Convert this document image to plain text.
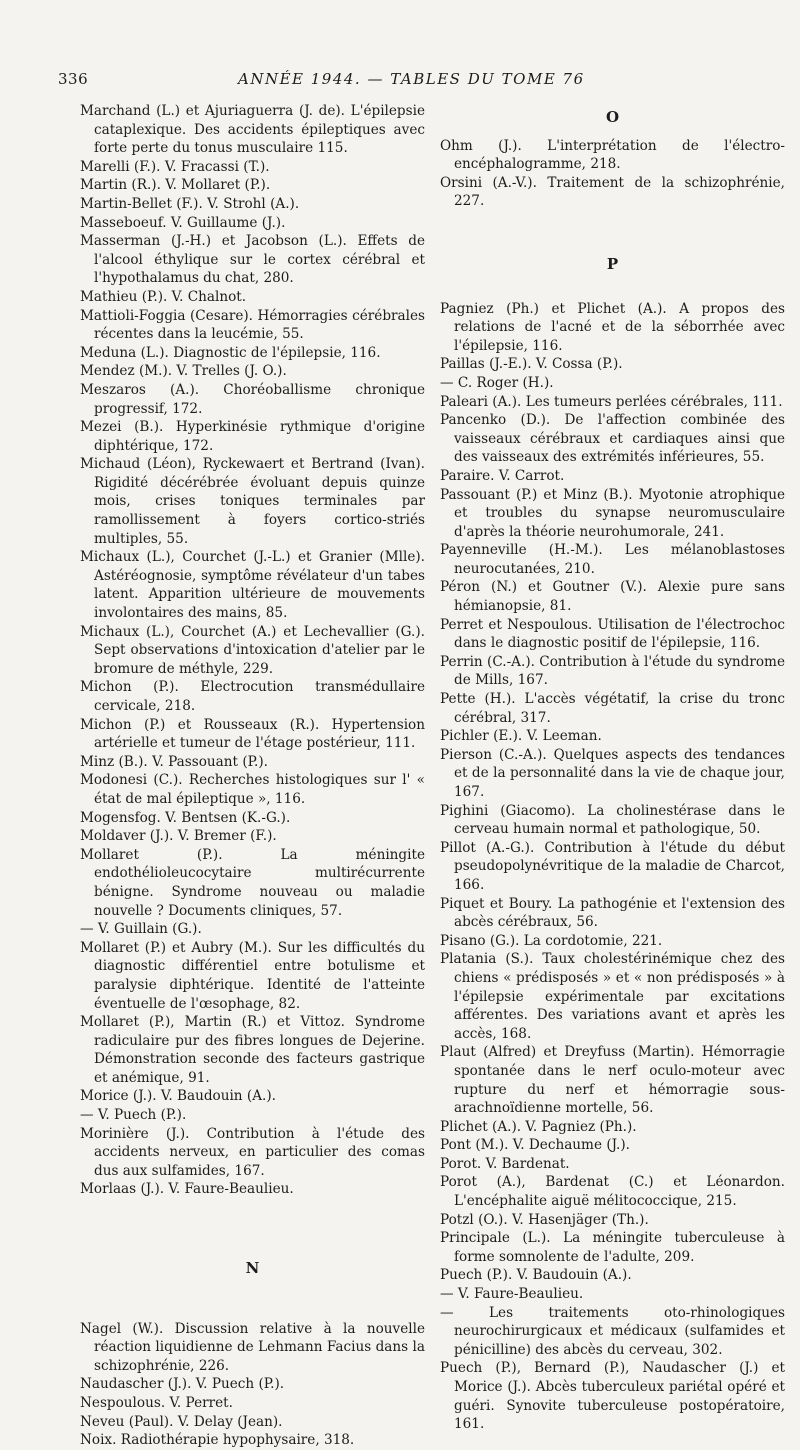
336	ANNÉE 1944. — TABLES DU TOME 76

Marchand (L.) et Ajuriaguerra (J. de). L'épilepsie cataplexique. Des accidents épileptiques avec forte perte du tonus musculaire 115.

Marelli (F.). V. Fracassi (T.).

Martin (R.). V. Mollaret (P.).

Martin-Bellet (F.). V. Strohl (A.).

Masseboeuf. V. Guillaume (J.).

Masserman (J.-H.) et Jacobson (L.). Effets de l'alcool éthylique sur le cortex cérébral et l'hypothalamus du chat, 280.

Mathieu (P.). V. Chalnot.

Mattioli-Foggia (Cesare). Hémorragies cérébrales récentes dans la leucémie, 55.

Meduna (L.). Diagnostic de l'épilepsie, 116.

Mendez (M.). V. Trelles (J. O.).

Meszaros (A.). Choréoballisme chronique progressif, 172.

Mezei (B.). Hyperkinésie rythmique d'origine diphtérique, 172.

Michaud (Léon), Ryckewaert et Bertrand (Ivan). Rigidité décérébrée évoluant depuis quinze mois, crises toniques terminales par ramollissement à foyers cortico-striés multiples, 55.

Michaux (L.), Courchet (J.-L.) et Granier (Mlle). Astéréognosie, symptôme révélateur d'un tabes latent. Apparition ultérieure de mouvements involontaires des mains, 85.

Michaux (L.), Courchet (A.) et Lechevallier (G.). Sept observations d'intoxication d'atelier par le bromure de méthyle, 229.

Michon (P.). Electrocution transmédullaire cervicale, 218.

Michon (P.) et Rousseaux (R.). Hypertension artérielle et tumeur de l'étage postérieur, 111.

Minz (B.). V. Passouant (P.).

Modonesi (C.). Recherches histologiques sur l' « état de mal épileptique », 116.

Mogensfog. V. Bentsen (K.-G.).

Moldaver (J.). V. Bremer (F.).

Mollaret (P.). La méningite endothélioleucocytaire multirécurrente bénigne. Syndrome nouveau ou maladie nouvelle ? Documents cliniques, 57.

— V. Guillain (G.).

Mollaret (P.) et Aubry (M.). Sur les difficultés du diagnostic différentiel entre botulisme et paralysie diphtérique. Identité de l'atteinte éventuelle de l'œsophage, 82.

Mollaret (P.), Martin (R.) et Vittoz. Syndrome radiculaire pur des fibres longues de Dejerine. Démonstration seconde des facteurs gastrique et anémique, 91.

Morice (J.). V. Baudouin (A.).

— V. Puech (P.).

Morinière (J.). Contribution à l'étude des accidents nerveux, en particulier des comas dus aux sulfamides, 167.

Morlaas (J.). V. Faure-Beaulieu.

N

Nagel (W.). Discussion relative à la nouvelle réaction liquidienne de Lehmann Facius dans la schizophrénie, 226.

Naudascher (J.). V. Puech (P.).

Nespoulous. V. Perret.

Neveu (Paul). V. Delay (Jean).

Noix. Radiothérapie hypophysaire, 318.

O

Ohm (J.). L'interprétation de l'électro-encéphalogramme, 218.

Orsini (A.-V.). Traitement de la schizophrénie, 227.

P

Pagniez (Ph.) et Plichet (A.). A propos des relations de l'acné et de la séborrhée avec l'épilepsie, 116.

Paillas (J.-E.). V. Cossa (P.).

— C. Roger (H.).

Paleari (A.). Les tumeurs perlées cérébrales, 111.

Pancenko (D.). De l'affection combinée des vaisseaux cérébraux et cardiaques ainsi que des vaisseaux des extrémités inférieures, 55.

Paraire. V. Carrot.

Passouant (P.) et Minz (B.). Myotonie atrophique et troubles du synapse neuromusculaire d'après la théorie neurohumorale, 241.

Payenneville (H.-M.). Les mélanoblastoses neurocutanées, 210.

Péron (N.) et Goutner (V.). Alexie pure sans hémianopsie, 81.

Perret et Nespoulous. Utilisation de l'électrochoc dans le diagnostic positif de l'épilepsie, 116.

Perrin (C.-A.). Contribution à l'étude du syndrome de Mills, 167.

Pette (H.). L'accès végétatif, la crise du tronc cérébral, 317.

Pichler (E.). V. Leeman.

Pierson (C.-A.). Quelques aspects des tendances et de la personnalité dans la vie de chaque jour, 167.

Pighini (Giacomo). La cholinestérase dans le cerveau humain normal et pathologique, 50.

Pillot (A.-G.). Contribution à l'étude du début pseudopolynévritique de la maladie de Charcot, 166.

Piquet et Boury. La pathogénie et l'extension des abcès cérébraux, 56.

Pisano (G.). La cordotomie, 221.

Platania (S.). Taux cholestérinémique chez des chiens « prédisposés » et « non prédisposés » à l'épilepsie expérimentale par excitations afférentes. Des variations avant et après les accès, 168.

Plaut (Alfred) et Dreyfuss (Martin). Hémorragie spontanée dans le nerf oculo-moteur avec rupture du nerf et hémorragie sous-arachnoïdienne mortelle, 56.

Plichet (A.). V. Pagniez (Ph.).

Pont (M.). V. Dechaume (J.).

Porot. V. Bardenat.

Porot (A.), Bardenat (C.) et Léonardon. L'encéphalite aiguë mélitococcique, 215.

Potzl (O.). V. Hasenjäger (Th.).

Principale (L.). La méningite tuberculeuse à forme somnolente de l'adulte, 209.

Puech (P.). V. Baudouin (A.).

— V. Faure-Beaulieu.

— Les traitements oto-rhinologiques neurochirurgicaux et médicaux (sulfamides et pénicilline) des abcès du cerveau, 302.

Puech (P.), Bernard (P.), Naudascher (J.) et Morice (J.). Abcès tuberculeux pariétal opéré et guéri. Synovite tuberculeuse postopératoire, 161.
